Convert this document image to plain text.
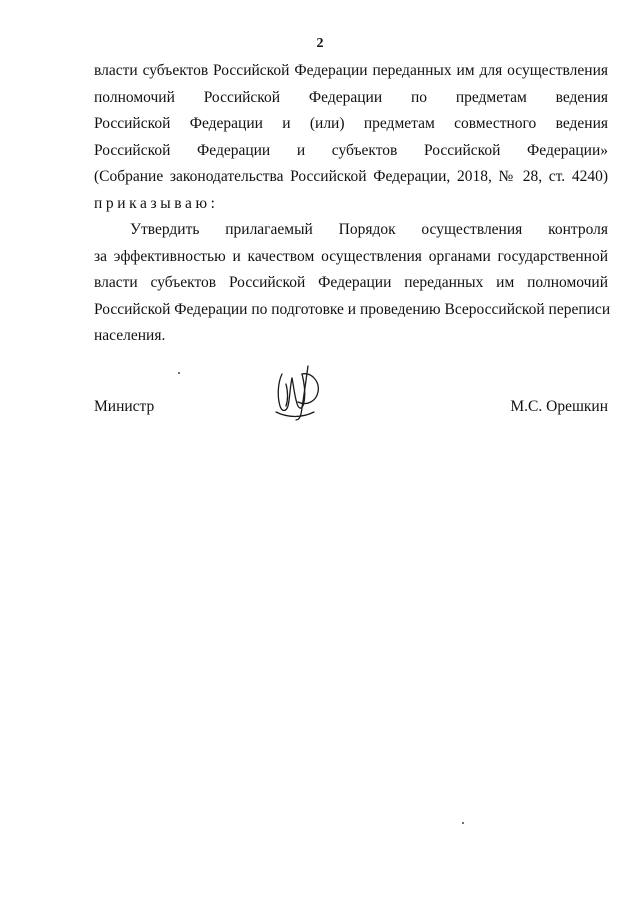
2
власти субъектов Российской Федерации переданных им для осуществления
полномочий Российской Федерации по предметам ведения
Российской Федерации и (или) предметам совместного ведения
Российской Федерации и субъектов Российской Федерации»
(Собрание законодательства Российской Федерации, 2018, № 28, ст. 4240)
приказываю:
Утвердить прилагаемый Порядок осуществления контроля
за эффективностью и качеством осуществления органами государственной
власти субъектов Российской Федерации переданных им полномочий
Российской Федерации по подготовке и проведению Всероссийской переписи
населения.
Министр	М.С. Орешкин
